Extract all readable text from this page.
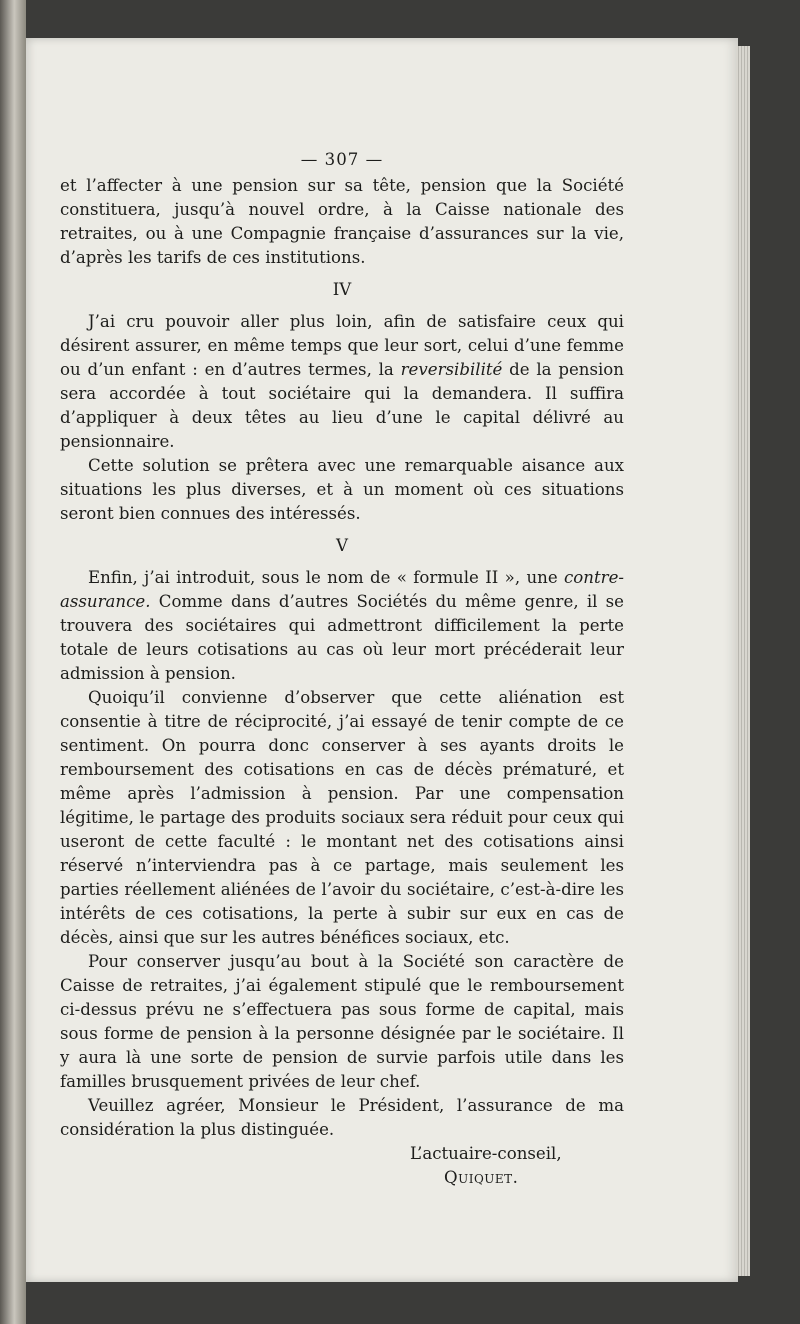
— 307 —

et l’affecter à une pension sur sa tête, pension que la Société constituera, jusqu’à nouvel ordre, à la Caisse nationale des retraites, ou à une Compagnie française d’assurances sur la vie, d’après les tarifs de ces institutions.

IV

J’ai cru pouvoir aller plus loin, afin de satisfaire ceux qui désirent assurer, en même temps que leur sort, celui d’une femme ou d’un enfant : en d’autres termes, la reversibilité de la pension sera accordée à tout sociétaire qui la demandera. Il suffira d’appliquer à deux têtes au lieu d’une le capital délivré au pensionnaire.

Cette solution se prêtera avec une remarquable aisance aux situations les plus diverses, et à un moment où ces situations seront bien connues des intéressés.

V

Enfin, j’ai introduit, sous le nom de « formule II », une contre-assurance. Comme dans d’autres Sociétés du même genre, il se trouvera des sociétaires qui admettront difficilement la perte totale de leurs cotisations au cas où leur mort précéderait leur admission à pension.

Quoiqu’il convienne d’observer que cette aliénation est consentie à titre de réciprocité, j’ai essayé de tenir compte de ce sentiment. On pourra donc conserver à ses ayants droits le remboursement des cotisations en cas de décès prématuré, et même après l’admission à pension. Par une compensation légitime, le partage des produits sociaux sera réduit pour ceux qui useront de cette faculté : le montant net des cotisations ainsi réservé n’interviendra pas à ce partage, mais seulement les parties réellement aliénées de l’avoir du sociétaire, c’est-à-dire les intérêts de ces cotisations, la perte à subir sur eux en cas de décès, ainsi que sur les autres bénéfices sociaux, etc.

Pour conserver jusqu’au bout à la Société son caractère de Caisse de retraites, j’ai également stipulé que le remboursement ci-dessus prévu ne s’effectuera pas sous forme de capital, mais sous forme de pension à la personne désignée par le sociétaire. Il y aura là une sorte de pension de survie parfois utile dans les familles brusquement privées de leur chef.

Veuillez agréer, Monsieur le Président, l’assurance de ma considération la plus distinguée.

L’actuaire-conseil,
Quiquet.
